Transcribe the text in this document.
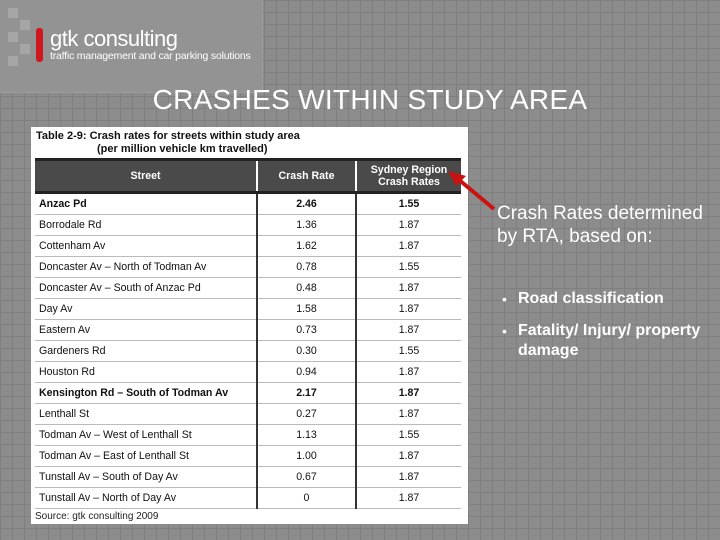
gtk consulting
traffic management and car parking solutions
CRASHES WITHIN STUDY AREA
Table 2-9: Crash rates for streets within study area
(per million vehicle km travelled)
Street	Crash Rate	Sydney Region Crash Rates
Anzac Pd	2.46	1.55
Borrodale Rd	1.36	1.87
Cottenham Av	1.62	1.87
Doncaster Av – North of Todman Av	0.78	1.55
Doncaster Av – South of Anzac Pd	0.48	1.87
Day Av	1.58	1.87
Eastern Av	0.73	1.87
Gardeners Rd	0.30	1.55
Houston Rd	0.94	1.87
Kensington Rd – South of Todman Av	2.17	1.87
Lenthall St	0.27	1.87
Todman Av – West of Lenthall St	1.13	1.55
Todman Av – East of Lenthall St	1.00	1.87
Tunstall Av – South of Day Av	0.67	1.87
Tunstall Av – North of Day Av	0	1.87
Source: gtk consulting 2009
Crash Rates determined by RTA, based on:
• Road classification
• Fatality/ Injury/ property damage
